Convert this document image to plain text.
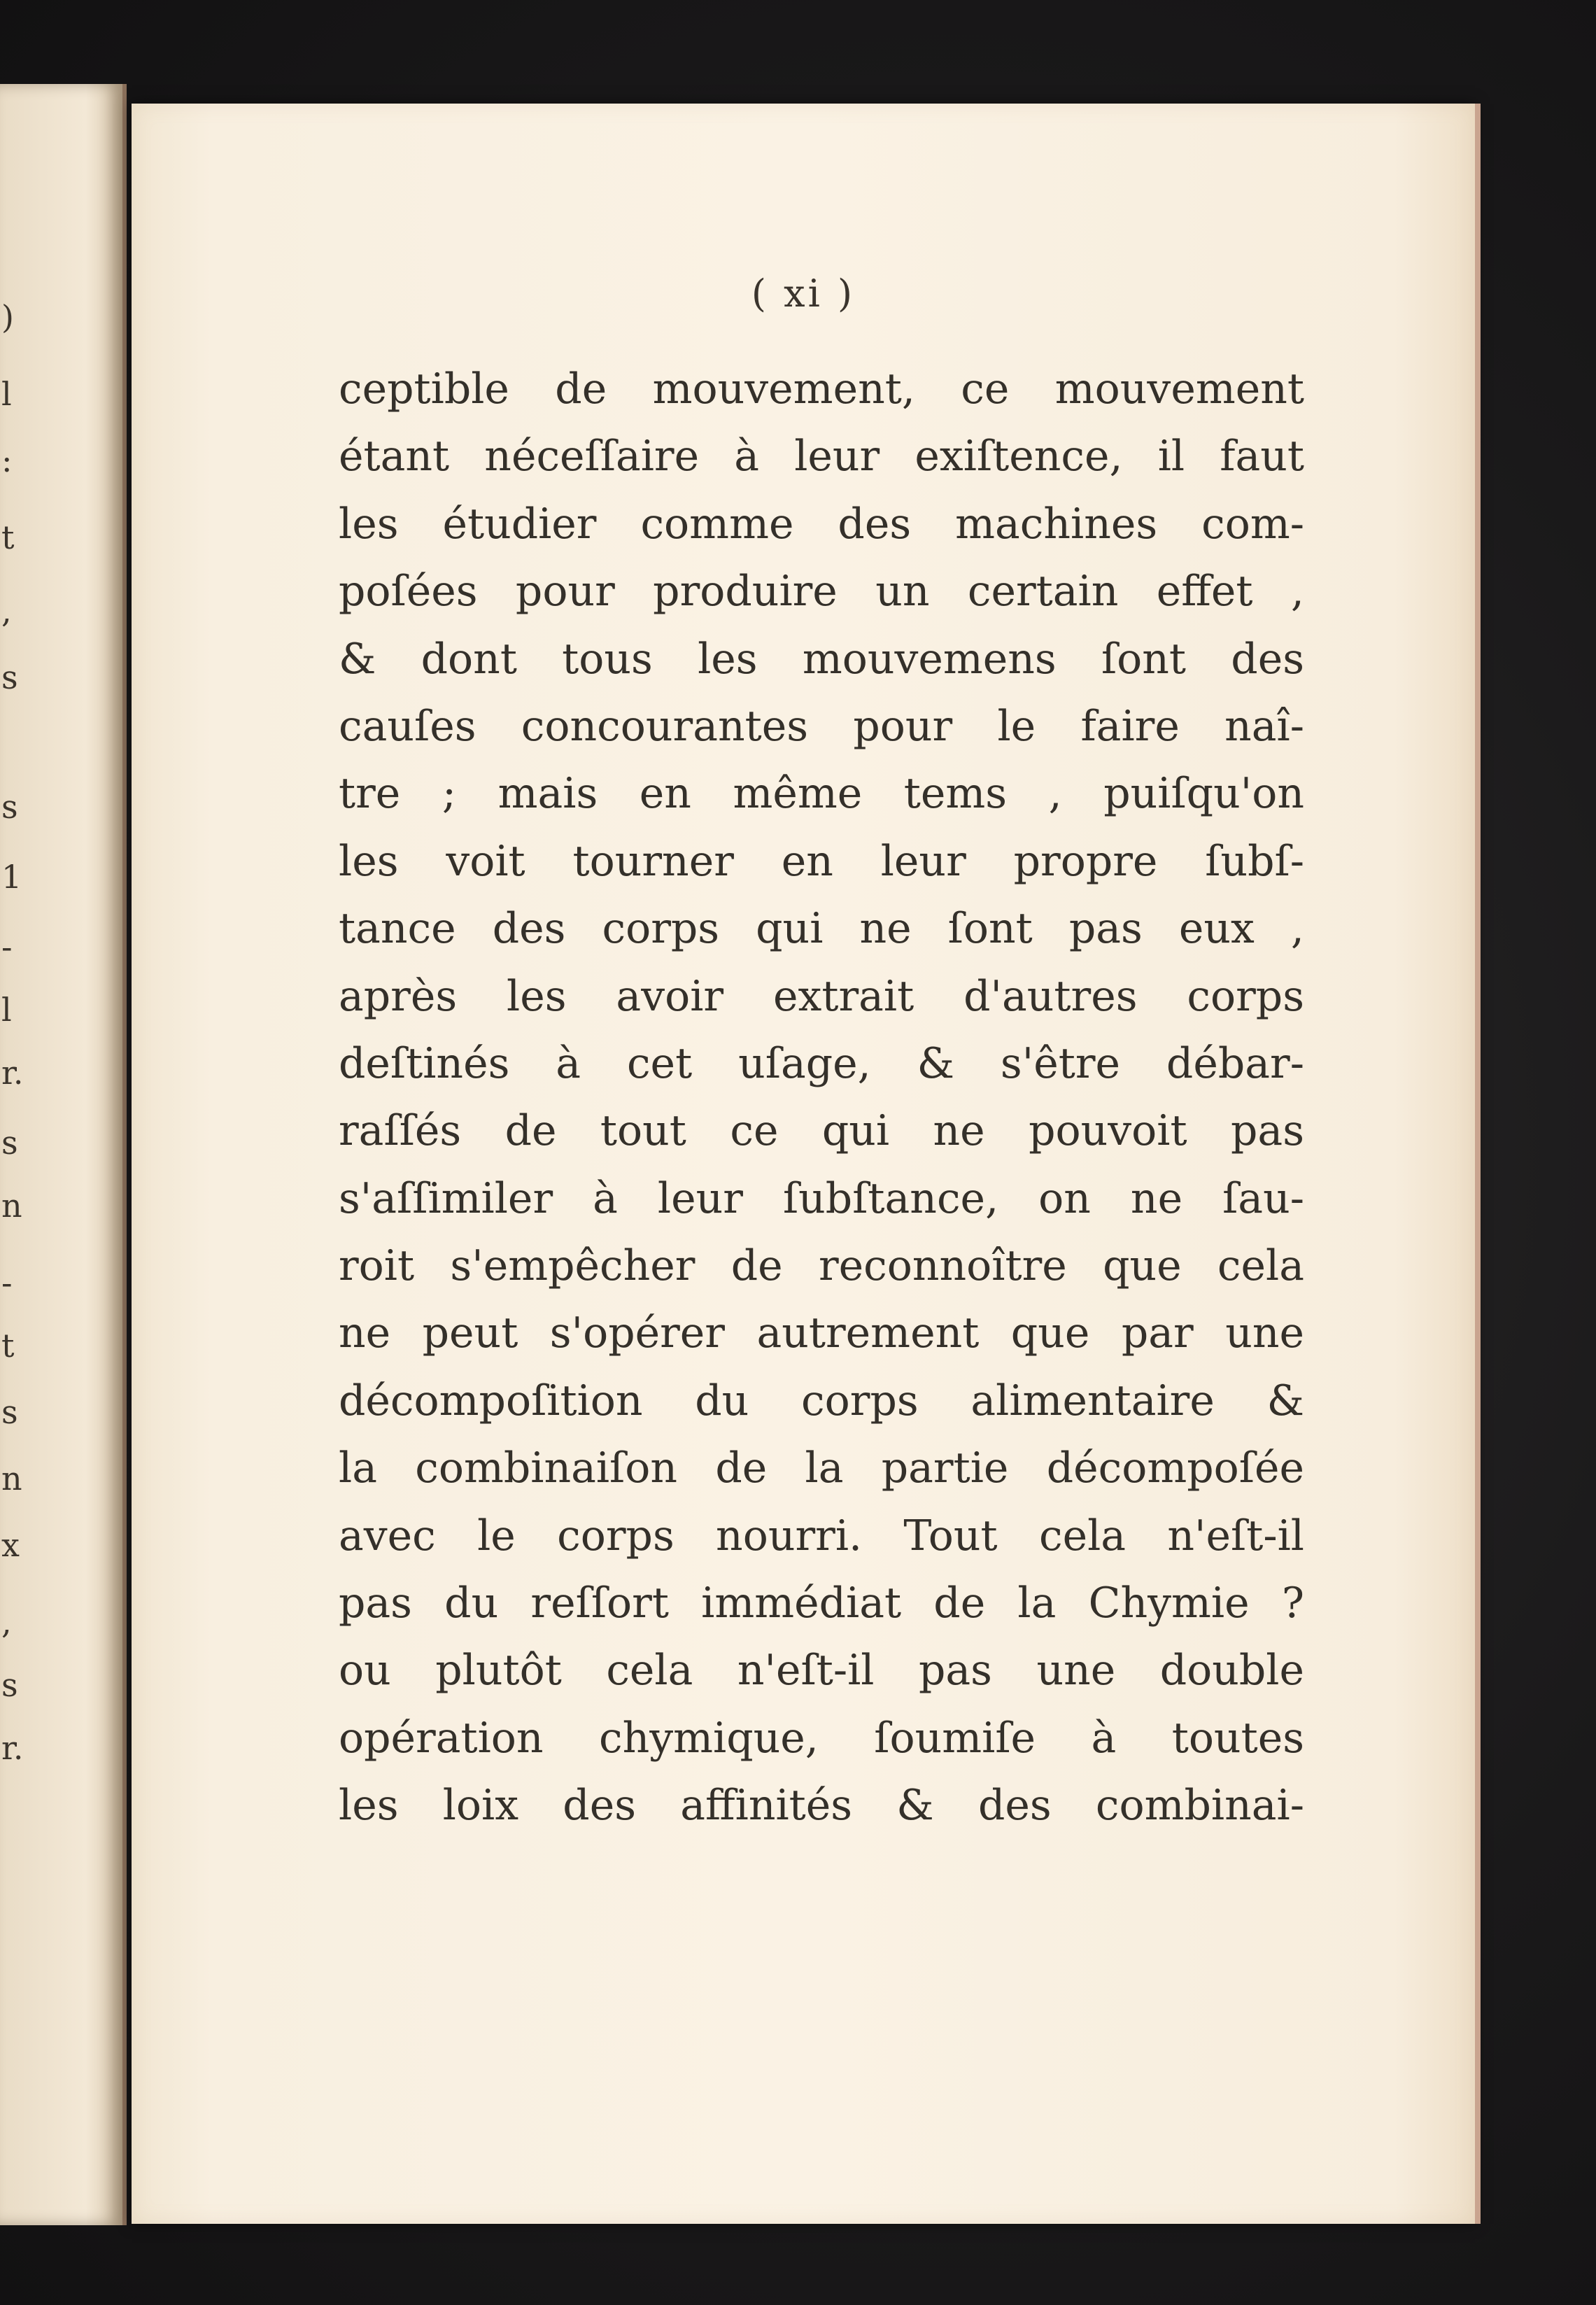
)
l
:
t
,
s
s
1
-
l
r.
s
n
-
t
s
n
x
,
s
r.
( xi )
ceptible de mouvement, ce mouvement
étant néceſſaire à leur exiſtence, il faut
les étudier comme des machines com-
poſées pour produire un certain effet ,
& dont tous les mouvemens ſont des
cauſes concourantes pour le faire naî-
tre ; mais en même tems , puiſqu'on
les voit tourner en leur propre ſubſ-
tance des corps qui ne ſont pas eux ,
après les avoir extrait d'autres corps
deſtinés à cet uſage, & s'être débar-
raſſés de tout ce qui ne pouvoit pas
s'aſſimiler à leur ſubſtance, on ne ſau-
roit s'empêcher de reconnoître que cela
ne peut s'opérer autrement que par une
décompoſition du corps alimentaire &
la combinaiſon de la partie décompoſée
avec le corps nourri. Tout cela n'eſt-il
pas du reſſort immédiat de la Chymie ?
ou plutôt cela n'eſt-il pas une double
opération chymique, ſoumiſe à toutes
les loix des affinités & des combinai-
